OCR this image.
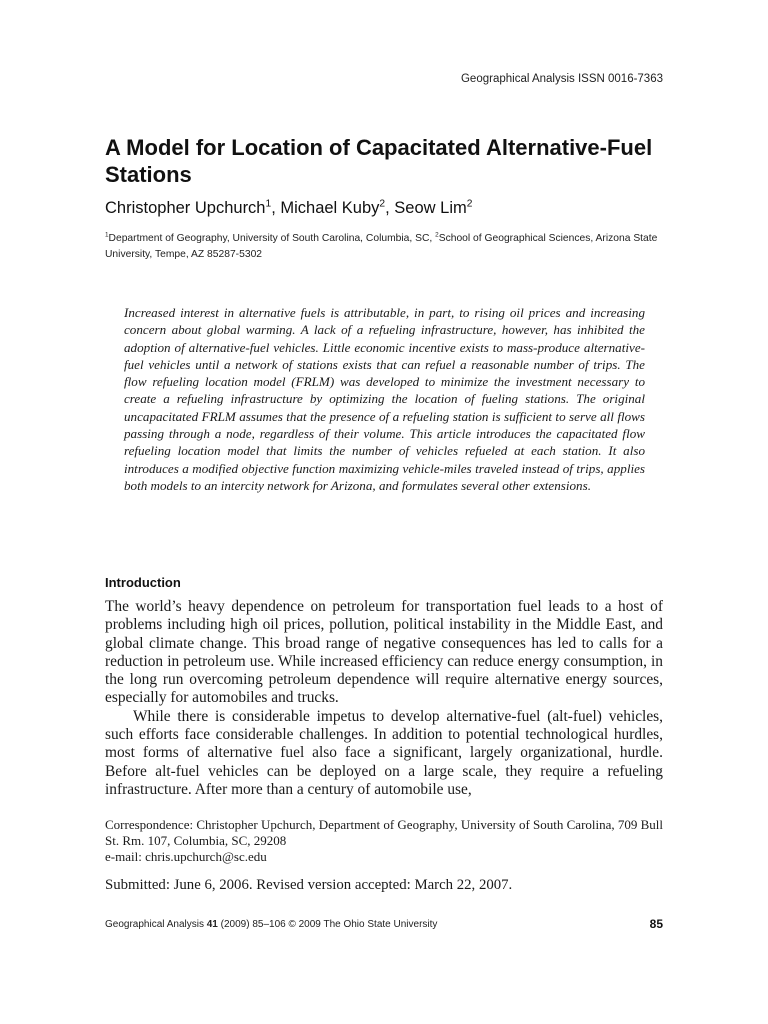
Geographical Analysis ISSN 0016-7363
A Model for Location of Capacitated Alternative-Fuel Stations
Christopher Upchurch$^1$, Michael Kuby$^2$, Seow Lim$^2$
$^1$Department of Geography, University of South Carolina, Columbia, SC, $^2$School of Geographical Sciences, Arizona State University, Tempe, AZ 85287-5302

Increased interest in alternative fuels is attributable, in part, to rising oil prices and increasing concern about global warming. A lack of a refueling infrastructure, however, has inhibited the adoption of alternative-fuel vehicles. Little economic incentive exists to mass-produce alternative-fuel vehicles until a network of stations exists that can refuel a reasonable number of trips. The flow refueling location model (FRLM) was developed to minimize the investment necessary to create a refueling infrastructure by optimizing the location of fueling stations. The original uncapacitated FRLM assumes that the presence of a refueling station is sufficient to serve all flows passing through a node, regardless of their volume. This article introduces the capacitated flow refueling location model that limits the number of vehicles refueled at each station. It also introduces a modified objective function maximizing vehicle-miles traveled instead of trips, applies both models to an intercity network for Arizona, and formulates several other extensions.

Introduction

The world’s heavy dependence on petroleum for transportation fuel leads to a host of problems including high oil prices, pollution, political instability in the Middle East, and global climate change. This broad range of negative consequences has led to calls for a reduction in petroleum use. While increased efficiency can reduce energy consumption, in the long run overcoming petroleum dependence will require alternative energy sources, especially for automobiles and trucks.

While there is considerable impetus to develop alternative-fuel (alt-fuel) vehicles, such efforts face considerable challenges. In addition to potential technological hurdles, most forms of alternative fuel also face a significant, largely organizational, hurdle. Before alt-fuel vehicles can be deployed on a large scale, they require a refueling infrastructure. After more than a century of automobile use,

Correspondence: Christopher Upchurch, Department of Geography, University of South Carolina, 709 Bull St. Rm. 107, Columbia, SC, 29208
e-mail: chris.upchurch@sc.edu
Submitted: June 6, 2006. Revised version accepted: March 22, 2007.
Geographical Analysis 41 (2009) 85–106 © 2009 The Ohio State University	85
